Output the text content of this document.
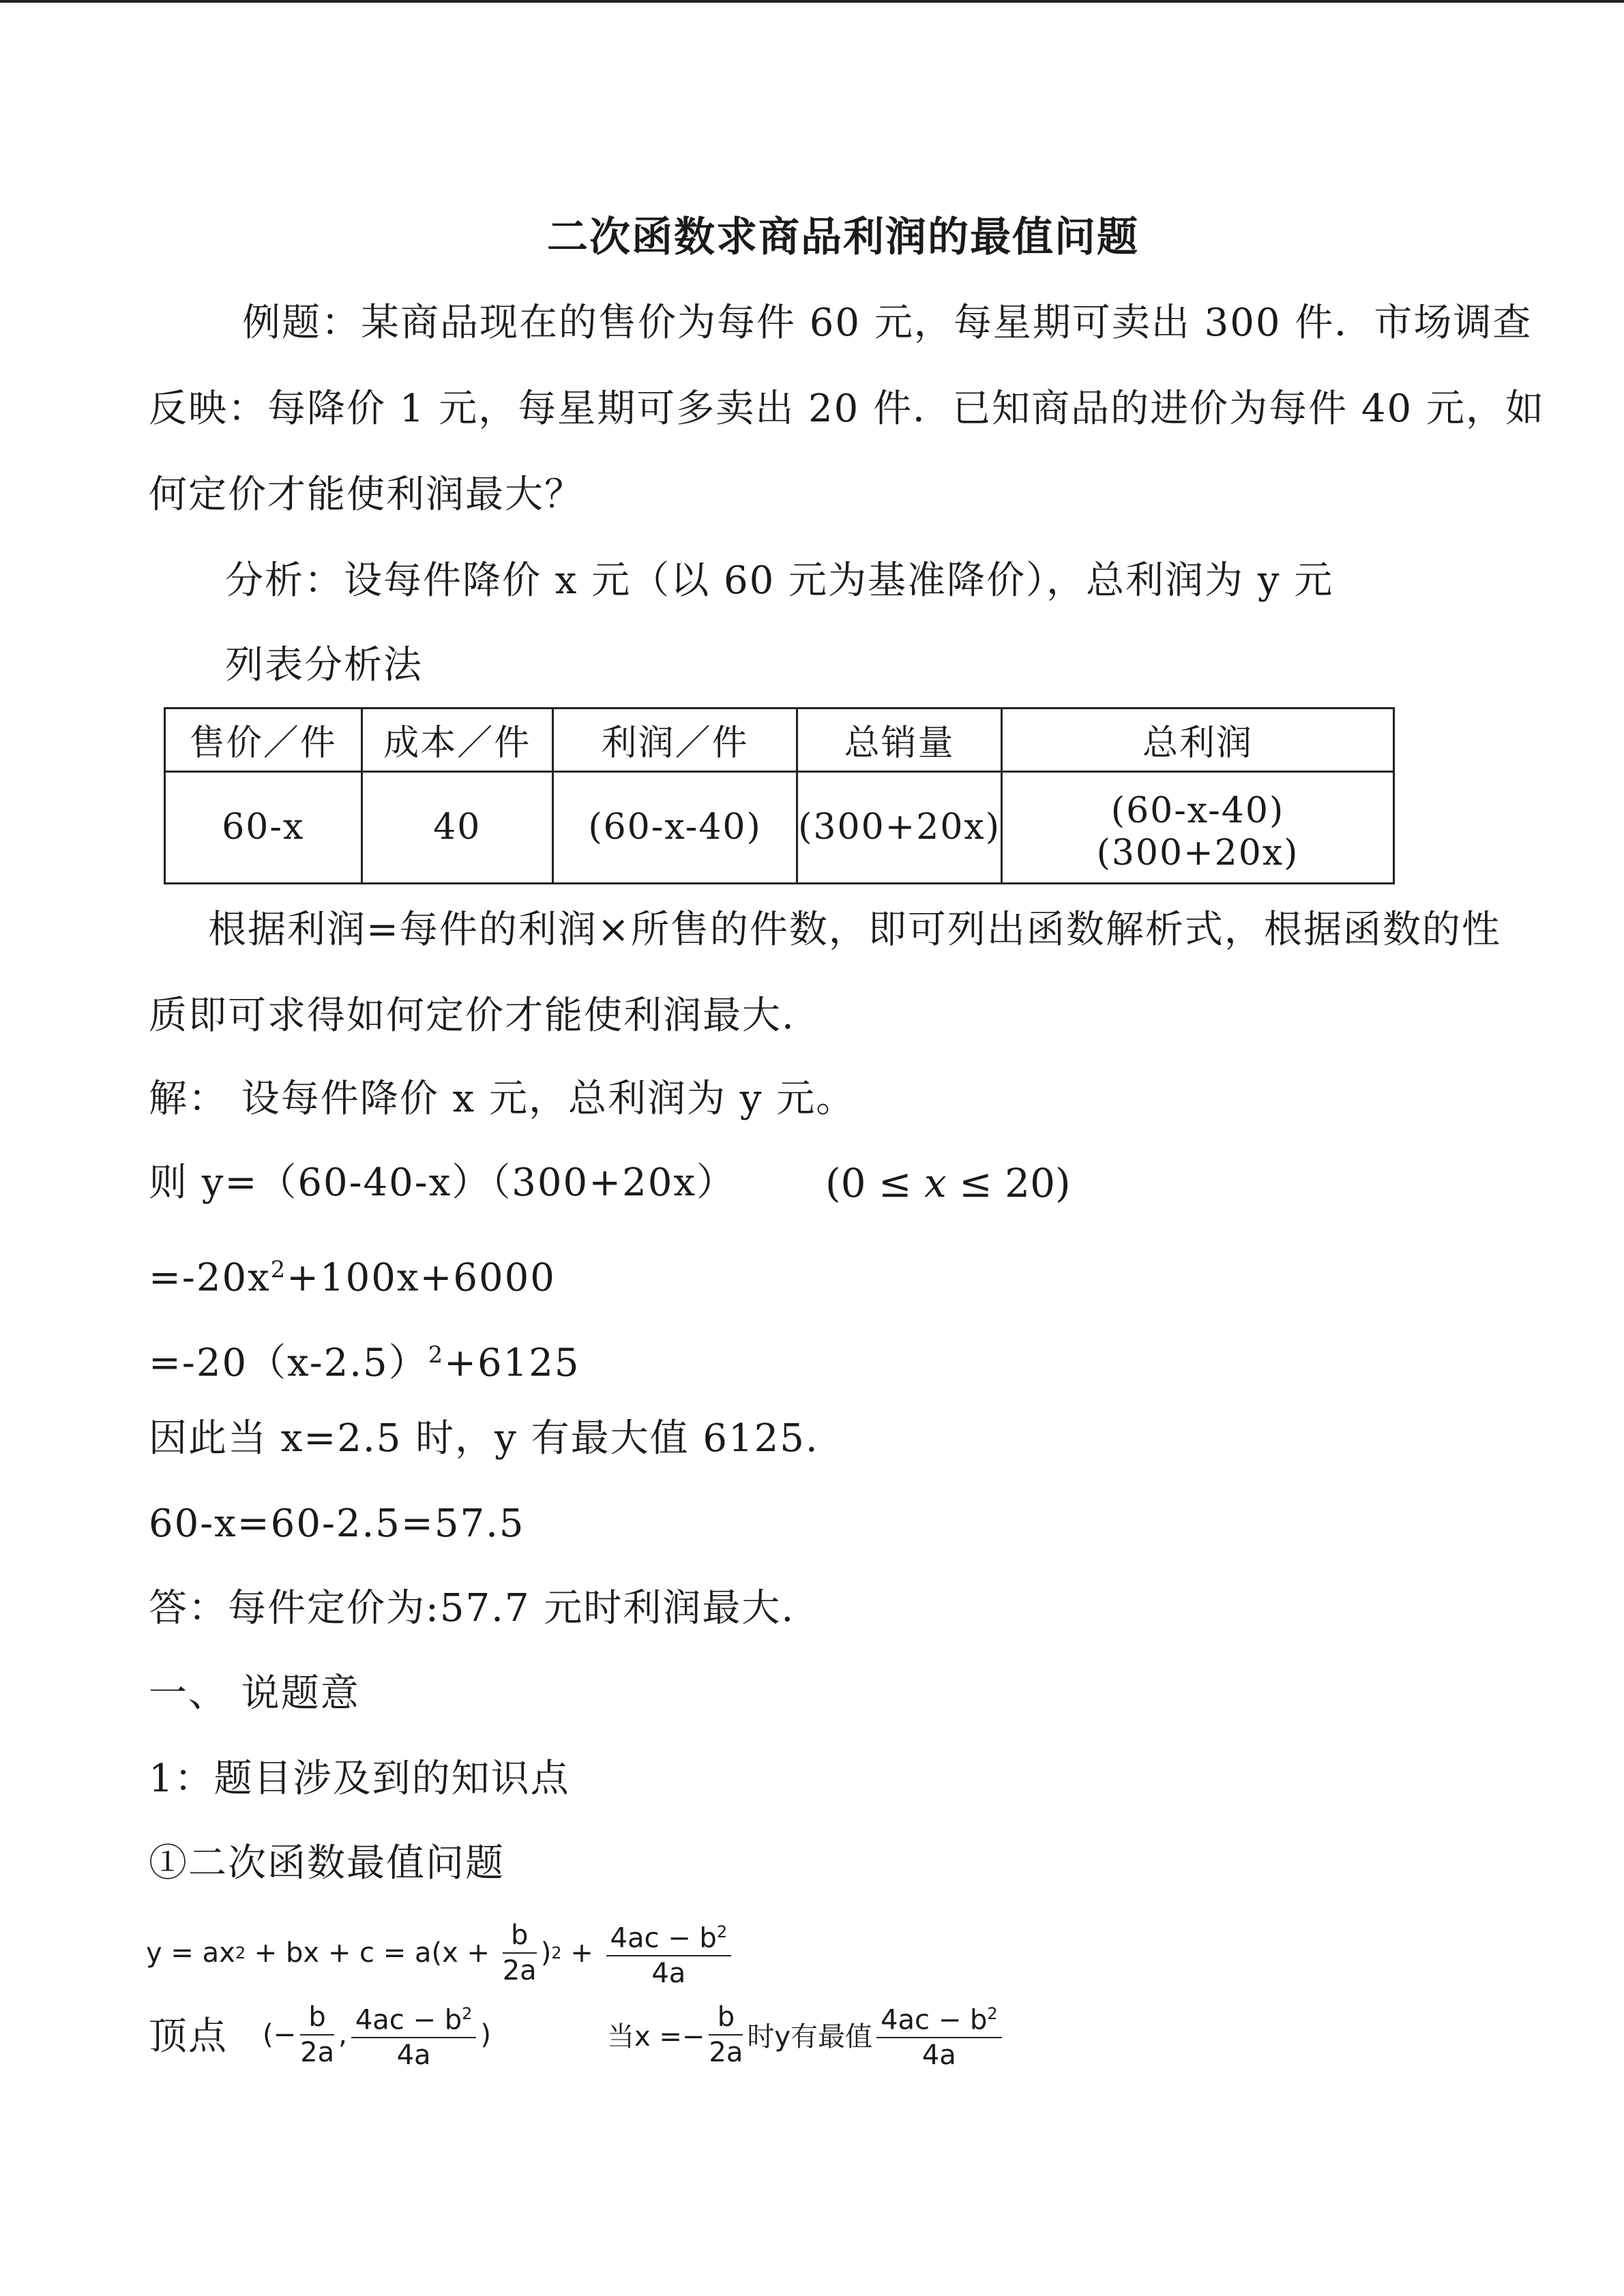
二次函数求商品利润的最值问题
例题：某商品现在的售价为每件 60 元，每星期可卖出 300 件．市场调查
反映：每降价 1 元，每星期可多卖出 20 件．已知商品的进价为每件 40 元，如
何定价才能使利润最大？
分析：设每件降价 x 元（以 60 元为基准降价），总利润为 y 元
列表分析法
售价／件	成本／件	利润／件	总销量	总利润
60-x	40	(60-x-40)	(300+20x)	(60-x-40)　(300+20x)
根据利润=每件的利润×所售的件数，即可列出函数解析式，根据函数的性
质即可求得如何定价才能使利润最大.
解： 设每件降价 x 元，总利润为 y 元。
则 y=（60-40-x）（300+20x） (0 ≤ 𝑥 ≤ 20)
$=-20x^2+100x+6000$
$=-20(x-2.5)^2+6125$
因此当 x=2.5 时，y 有最大值 6125.
60-x=60-2.5=57.5
答：每件定价为:57.7 元时利润最大.
一、 说题意
1：题目涉及到的知识点
①二次函数最值问题
y = ax 2 + bx + $c = a(x + \frac{b}{2a}$ ) $2 + \frac{4ac - b^2}{4a}$
顶点 (− $\frac{b}{2a}$ , $\frac{4ac - b^2}{4a}$ )	当$x =- \frac{b}{2a}$ 时y有最值 $\frac{4ac - b^2}{4a}$
